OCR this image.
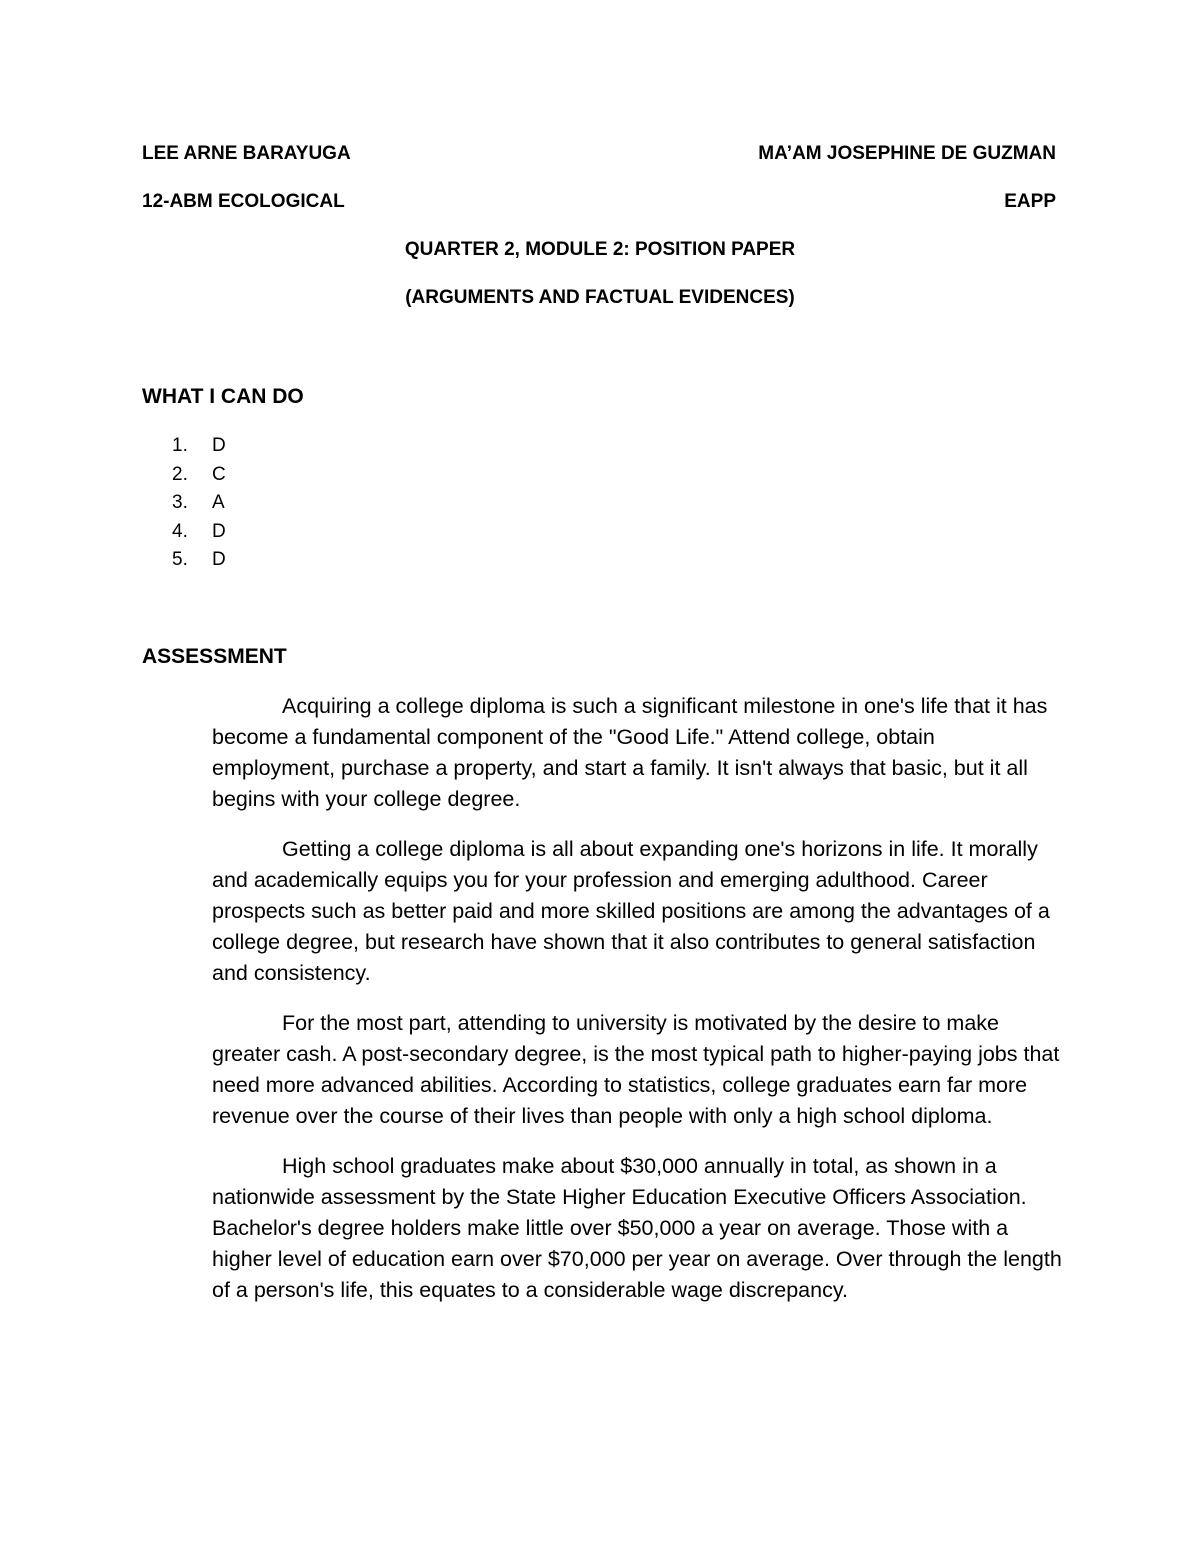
LEE ARNE BARAYUGA	MA’AM JOSEPHINE DE GUZMAN
12-ABM ECOLOGICAL	EAPP
QUARTER 2, MODULE 2: POSITION PAPER
(ARGUMENTS AND FACTUAL EVIDENCES)
WHAT I CAN DO
1.	D
2.	C
3.	A
4.	D
5.	D
ASSESSMENT

Acquiring a college diploma is such a significant milestone in one's life that it has become a fundamental component of the "Good Life." Attend college, obtain employment, purchase a property, and start a family. It isn't always that basic, but it all begins with your college degree.

Getting a college diploma is all about expanding one's horizons in life. It morally and academically equips you for your profession and emerging adulthood. Career prospects such as better paid and more skilled positions are among the advantages of a college degree, but research have shown that it also contributes to general satisfaction and consistency.

For the most part, attending to university is motivated by the desire to make greater cash. A post-secondary degree, is the most typical path to higher-paying jobs that need more advanced abilities. According to statistics, college graduates earn far more revenue over the course of their lives than people with only a high school diploma.

High school graduates make about $30,000 annually in total, as shown in a nationwide assessment by the State Higher Education Executive Officers Association. Bachelor's degree holders make little over $50,000 a year on average. Those with a higher level of education earn over $70,000 per year on average. Over through the length of a person's life, this equates to a considerable wage discrepancy.
